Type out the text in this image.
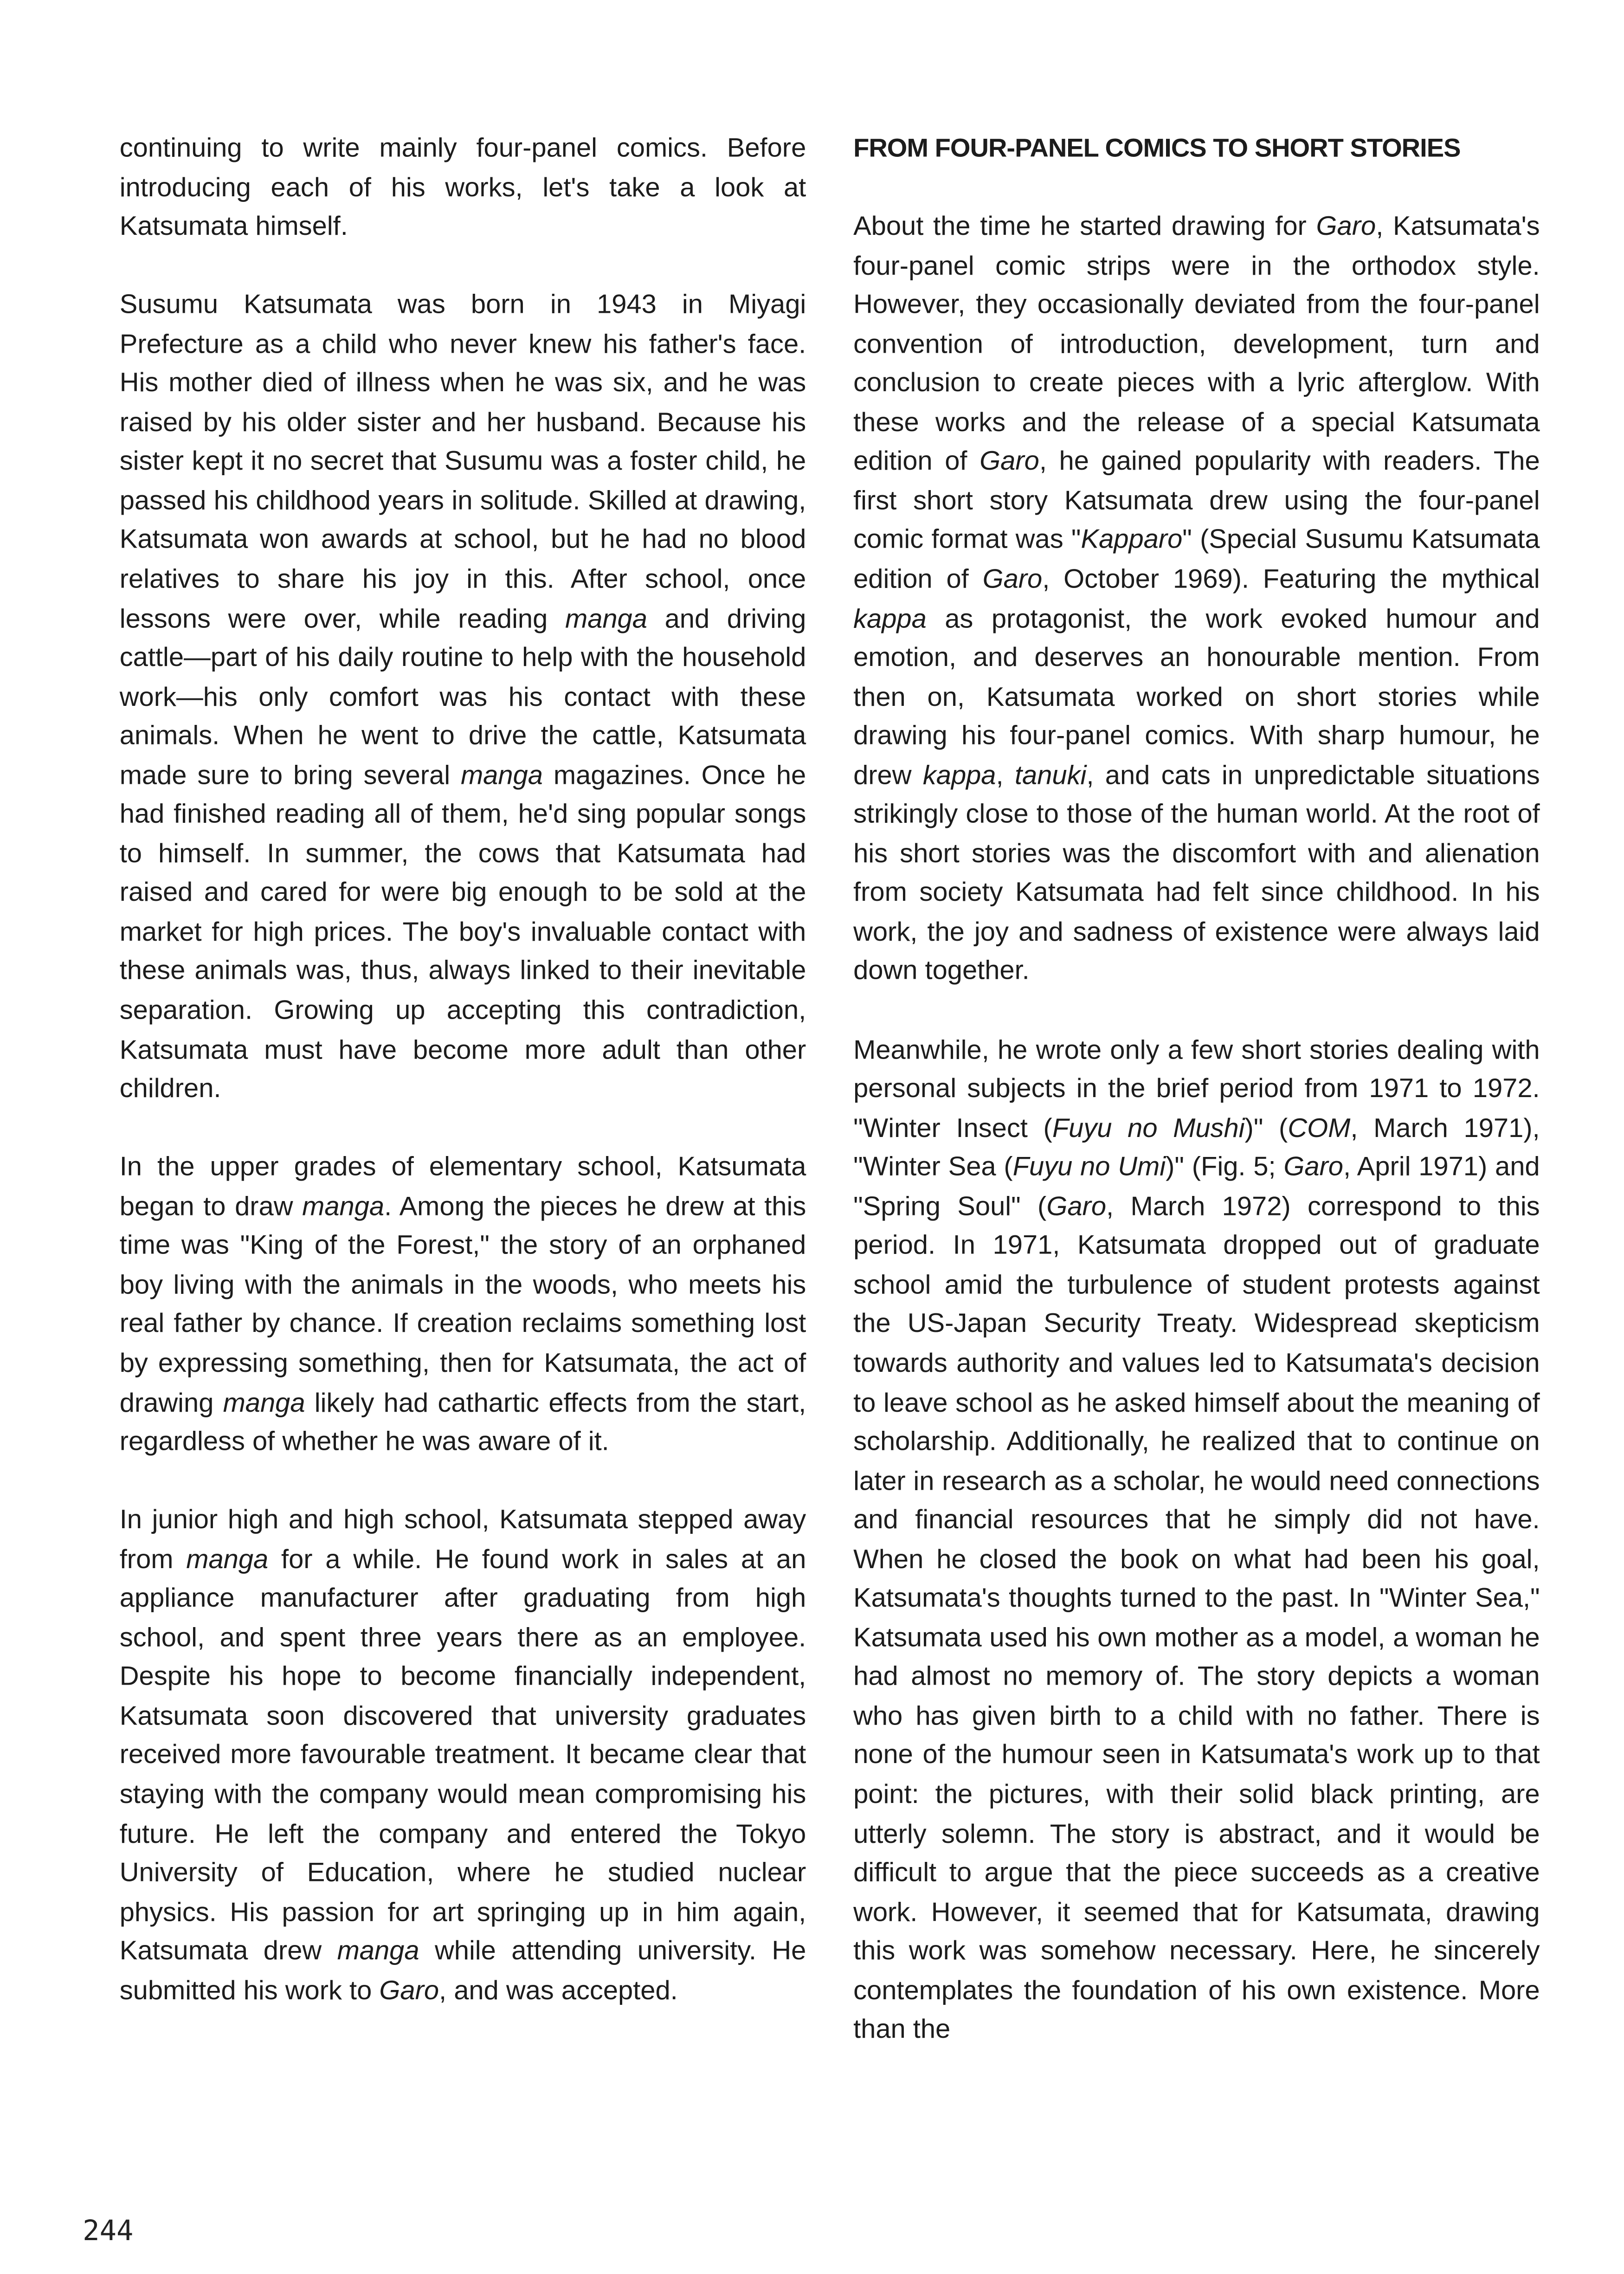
continuing to write mainly four-panel comics. Before introducing each of his works, let's take a look at Katsumata himself.

Susumu Katsumata was born in 1943 in Miyagi Prefecture as a child who never knew his father's face. His mother died of illness when he was six, and he was raised by his older sister and her husband. Because his sister kept it no secret that Susumu was a foster child, he passed his childhood years in solitude. Skilled at drawing, Katsumata won awards at school, but he had no blood relatives to share his joy in this. After school, once lessons were over, while reading manga and driving cattle—part of his daily routine to help with the household work—his only comfort was his contact with these animals. When he went to drive the cattle, Katsumata made sure to bring several manga magazines. Once he had finished reading all of them, he'd sing popular songs to himself. In summer, the cows that Katsumata had raised and cared for were big enough to be sold at the market for high prices. The boy's invaluable contact with these animals was, thus, always linked to their inevitable separation. Growing up accepting this contradiction, Katsumata must have become more adult than other children.

In the upper grades of elementary school, Katsumata began to draw manga. Among the pieces he drew at this time was "King of the Forest," the story of an orphaned boy living with the animals in the woods, who meets his real father by chance. If creation reclaims something lost by expressing something, then for Katsumata, the act of drawing manga likely had cathartic effects from the start, regardless of whether he was aware of it.

In junior high and high school, Katsumata stepped away from manga for a while. He found work in sales at an appliance manufacturer after graduating from high school, and spent three years there as an employee. Despite his hope to become financially independent, Katsumata soon discovered that university graduates received more favourable treatment. It became clear that staying with the company would mean compromising his future. He left the company and entered the Tokyo University of Education, where he studied nuclear physics. His passion for art springing up in him again, Katsumata drew manga while attending university. He submitted his work to Garo, and was accepted.

FROM FOUR-PANEL COMICS TO SHORT STORIES

About the time he started drawing for Garo, Katsumata's four-panel comic strips were in the orthodox style. However, they occasionally deviated from the four-panel convention of introduction, development, turn and conclusion to create pieces with a lyric afterglow. With these works and the release of a special Katsumata edition of Garo, he gained popularity with readers. The first short story Katsumata drew using the four-panel comic format was "Kapparo" (Special Susumu Katsumata edition of Garo, October 1969). Featuring the mythical kappa as protagonist, the work evoked humour and emotion, and deserves an honourable mention. From then on, Katsumata worked on short stories while drawing his four-panel comics. With sharp humour, he drew kappa, tanuki, and cats in unpredictable situations strikingly close to those of the human world. At the root of his short stories was the discomfort with and alienation from society Katsumata had felt since childhood. In his work, the joy and sadness of existence were always laid down together.

Meanwhile, he wrote only a few short stories dealing with personal subjects in the brief period from 1971 to 1972. "Winter Insect (Fuyu no Mushi)" (COM, March 1971), "Winter Sea (Fuyu no Umi)" (Fig. 5; Garo, April 1971) and "Spring Soul" (Garo, March 1972) correspond to this period. In 1971, Katsumata dropped out of graduate school amid the turbulence of student protests against the US-Japan Security Treaty. Widespread skepticism towards authority and values led to Katsumata's decision to leave school as he asked himself about the meaning of scholarship. Additionally, he realized that to continue on later in research as a scholar, he would need connections and financial resources that he simply did not have. When he closed the book on what had been his goal, Katsumata's thoughts turned to the past. In "Winter Sea," Katsumata used his own mother as a model, a woman he had almost no memory of. The story depicts a woman who has given birth to a child with no father. There is none of the humour seen in Katsumata's work up to that point: the pictures, with their solid black printing, are utterly solemn. The story is abstract, and it would be difficult to argue that the piece succeeds as a creative work. However, it seemed that for Katsumata, drawing this work was somehow necessary. Here, he sincerely contemplates the foundation of his own existence. More than the

244
